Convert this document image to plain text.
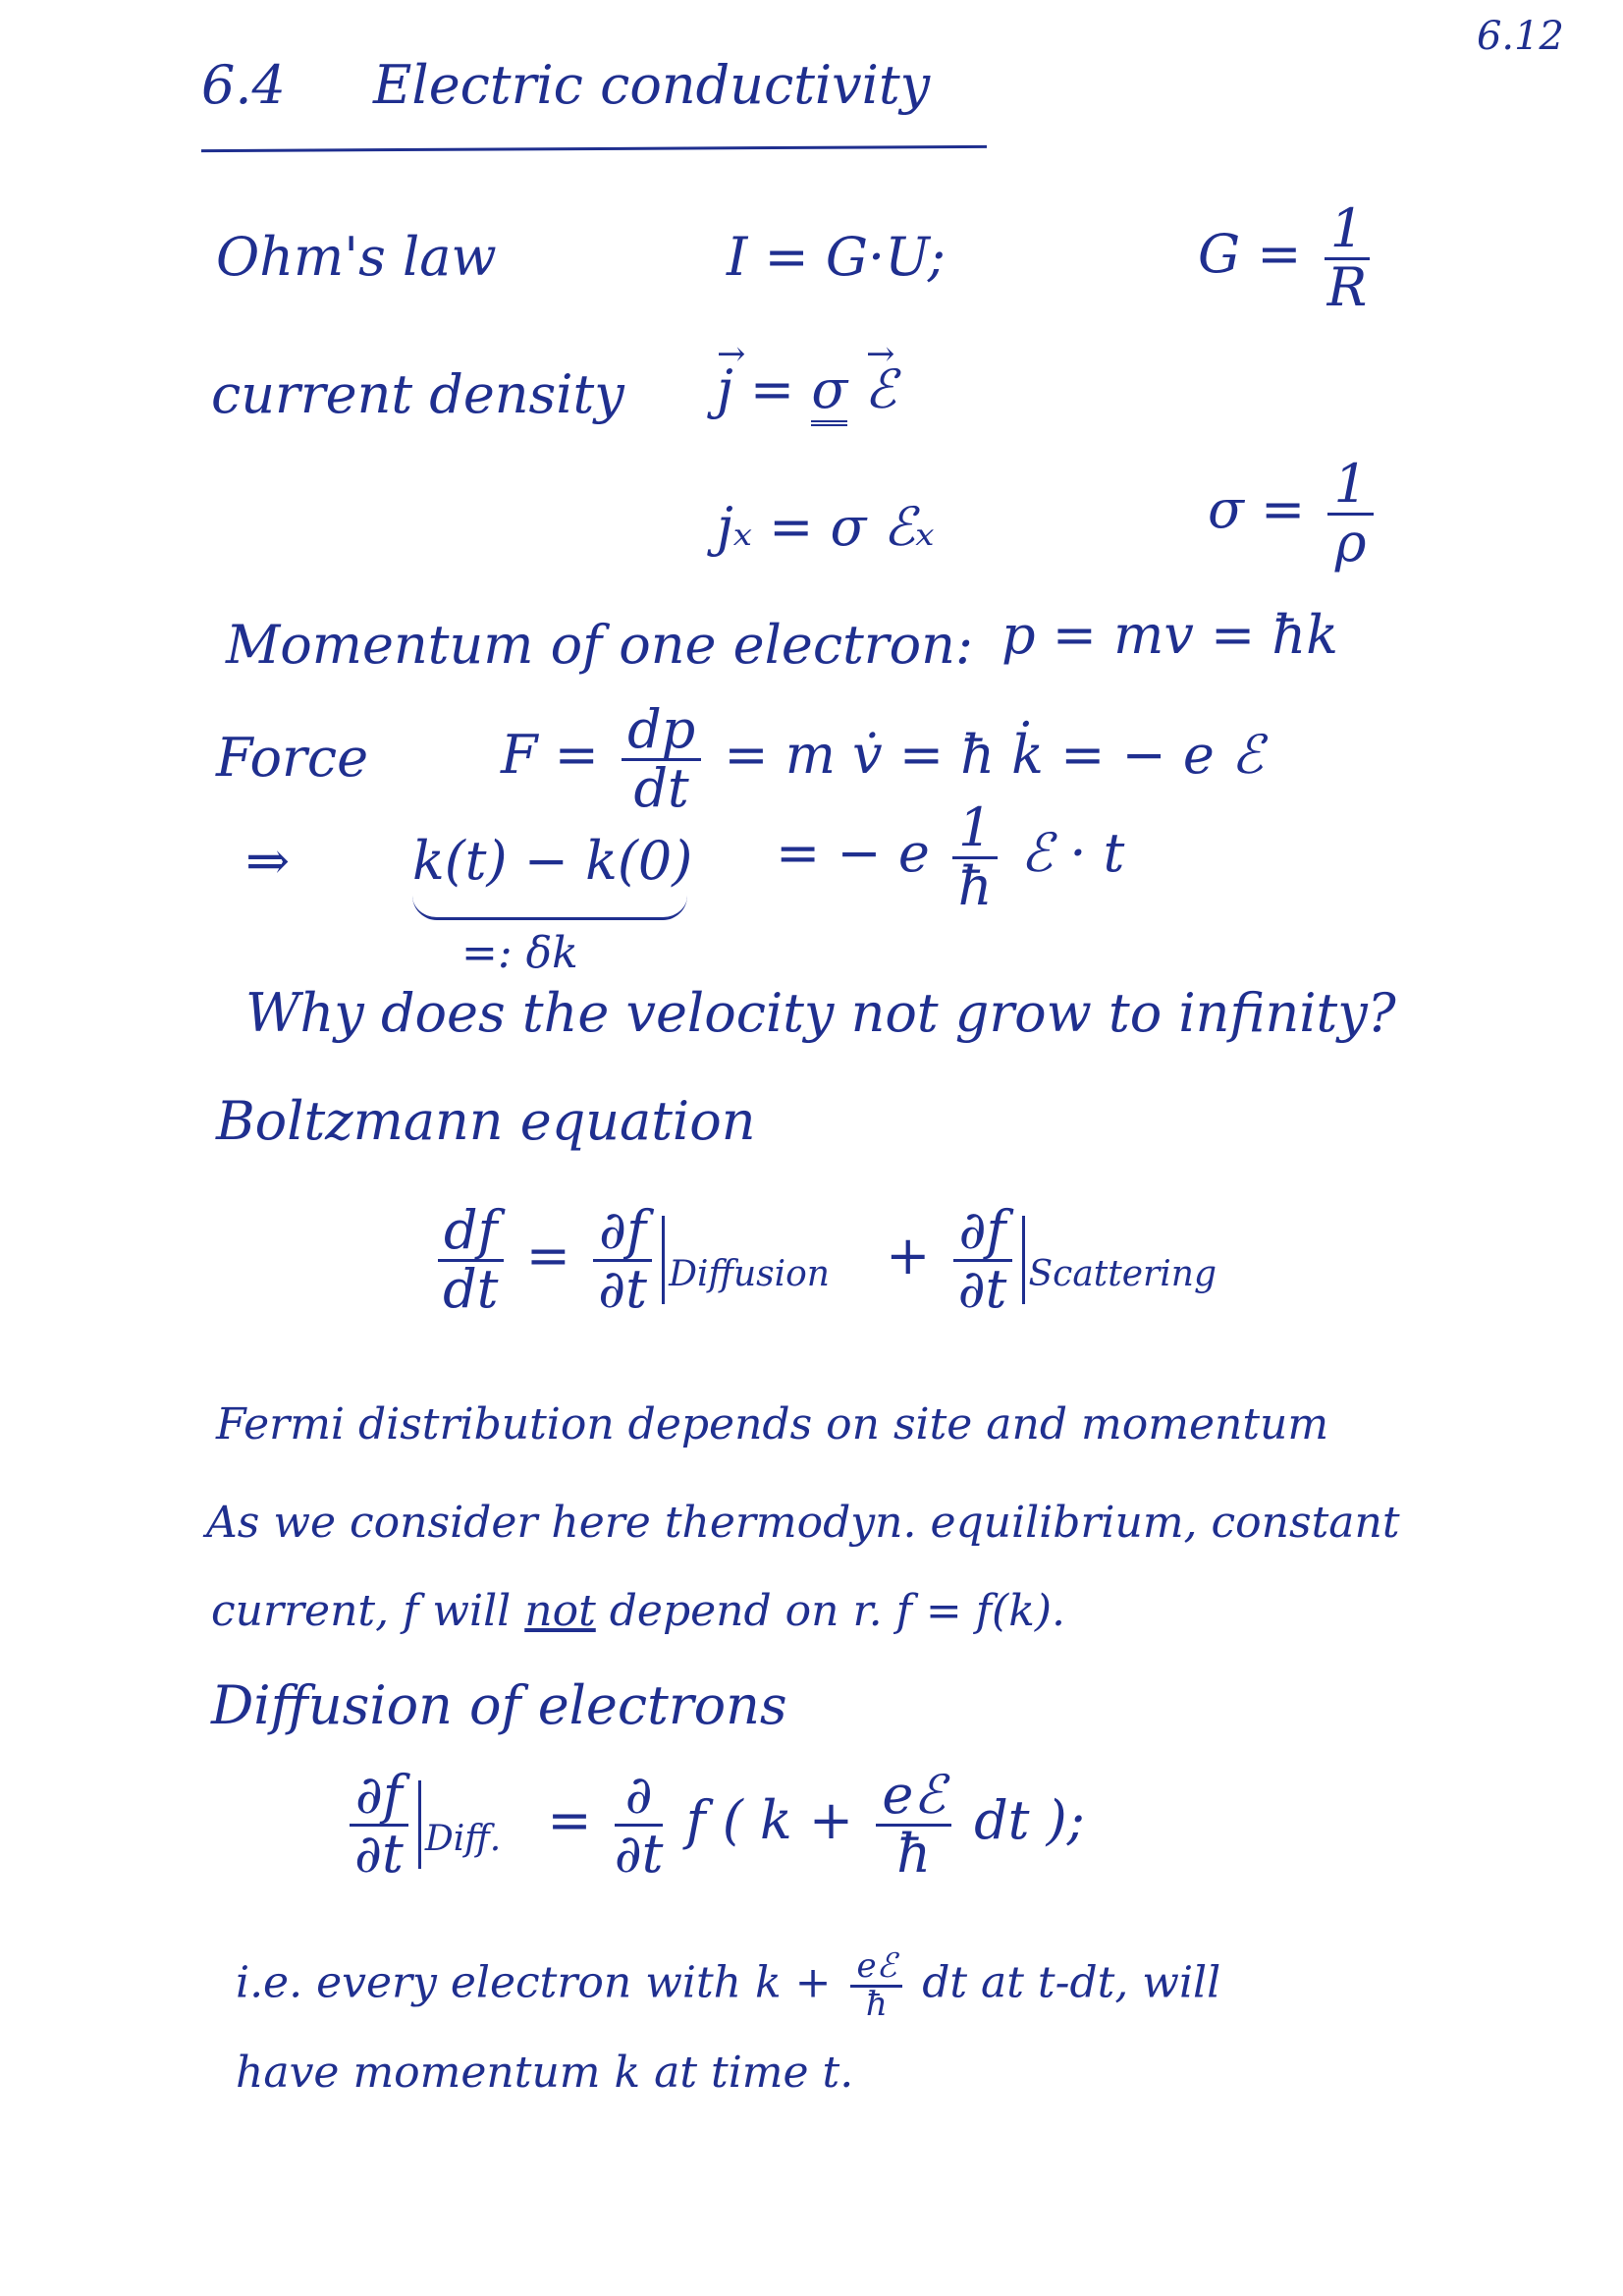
6.12
6.4 Electric conductivity
Ohm's law	I = G·U;	$G = \frac{1}{R}$
current density → j = σ → ℰ
jₓ = σ ℰₓ	$\sigma = \frac{1}{\rho}$
Momentum of one electron: p = mv = ħk
Force $F = \frac{dp}{dt} = m$ v̇ = ħ k̇ = − e ℰ
⇒ k(t) − k(0) = − e $\frac{1}{ħ}$ ℰ · t
=: δk
Why does the velocity not grow to infinity?
Boltzmann equation
$\frac{df}{dt} = \frac{\partial f}{\partial t} _{Diffusion} + \frac{\partial f}{\partial t} _{Scattering}$
Fermi distribution depends on site and momentum
As we consider here thermodyn. equilibrium, constant
current, f will not depend on r. f = f(k).
Diffusion of electrons
$\frac{\partial f}{\partial t} _{Diff.} = \frac{\partial}{\partial t}$ f ( $k + \frac{\text{eℰ}}{ħ}$ dt );
i.e. every electron with $k + \frac{\text{eℰ}}{ħ}$ dt at t-dt, will
have momentum k at time t.
